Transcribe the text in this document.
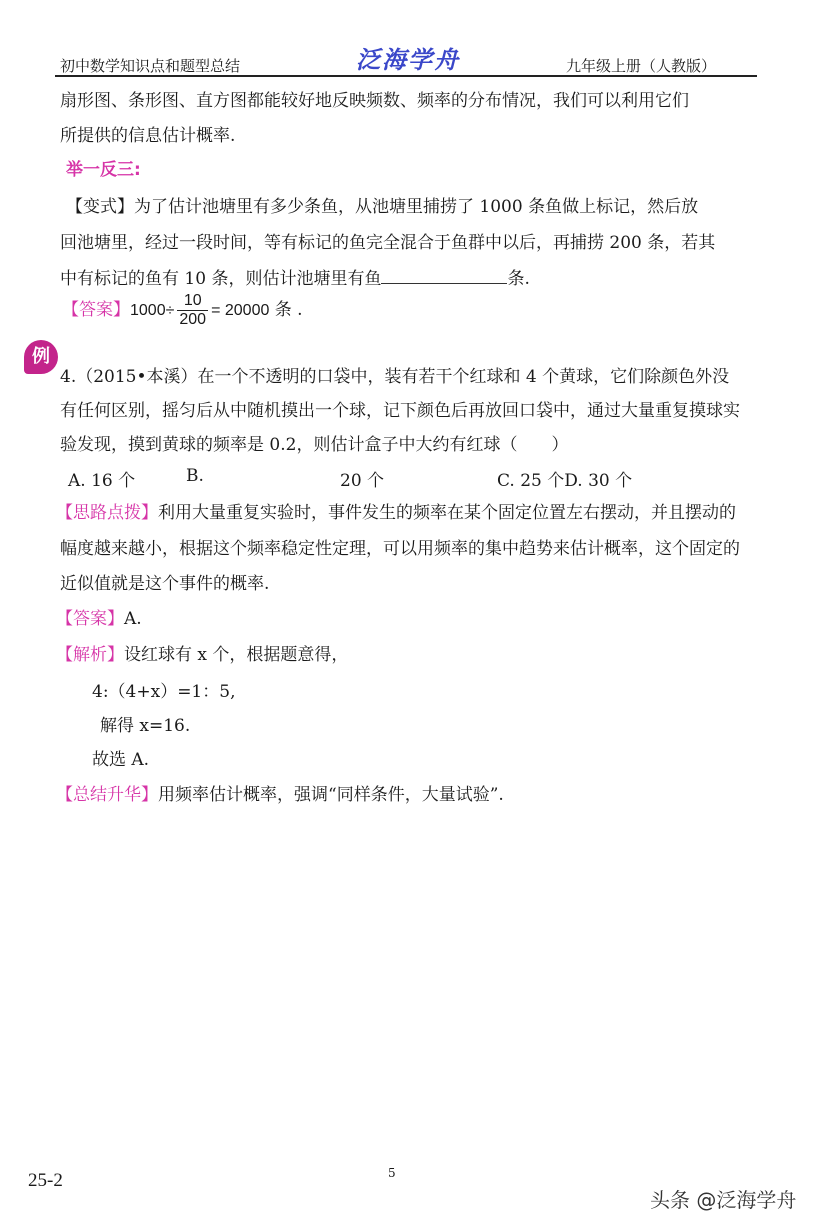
初中数学知识点和题型总结	泛海学舟	九年级上册（人教版）
扇形图、条形图、直方图都能较好地反映频数、频率的分布情况，我们可以利用它们
所提供的信息估计概率.
举一反三:
【变式】为了估计池塘里有多少条鱼，从池塘里捕捞了 1000 条鱼做上标记，然后放
回池塘里，经过一段时间，等有标记的鱼完全混合于鱼群中以后，再捕捞 200 条，若其
中有标记的鱼有 10 条，则估计池塘里有鱼	条.
【答案】$1000\div \frac{10}{200} = 20000$ 条 .
例
4.（2015•本溪）在一个不透明的口袋中，装有若干个红球和 4 个黄球，它们除颜色外没
有任何区别，摇匀后从中随机摸出一个球，记下颜色后再放回口袋中，通过大量重复摸球实
验发现，摸到黄球的频率是 0.2，则估计盒子中大约有红球（　　）
A. 16 个	B.	20 个	C. 25 个D. 30 个
【思路点拨】利用大量重复实验时，事件发生的频率在某个固定位置左右摆动，并且摆动的
幅度越来越小，根据这个频率稳定性定理，可以用频率的集中趋势来估计概率，这个固定的
近似值就是这个事件的概率.
【答案】A.
【解析】设红球有 x 个，根据题意得，
4:（4+x）=1：5,
解得 x=16.
故选 A.
【总结升华】用频率估计概率，强调“同样条件，大量试验”.
25-2	5
头条 @泛海学舟
